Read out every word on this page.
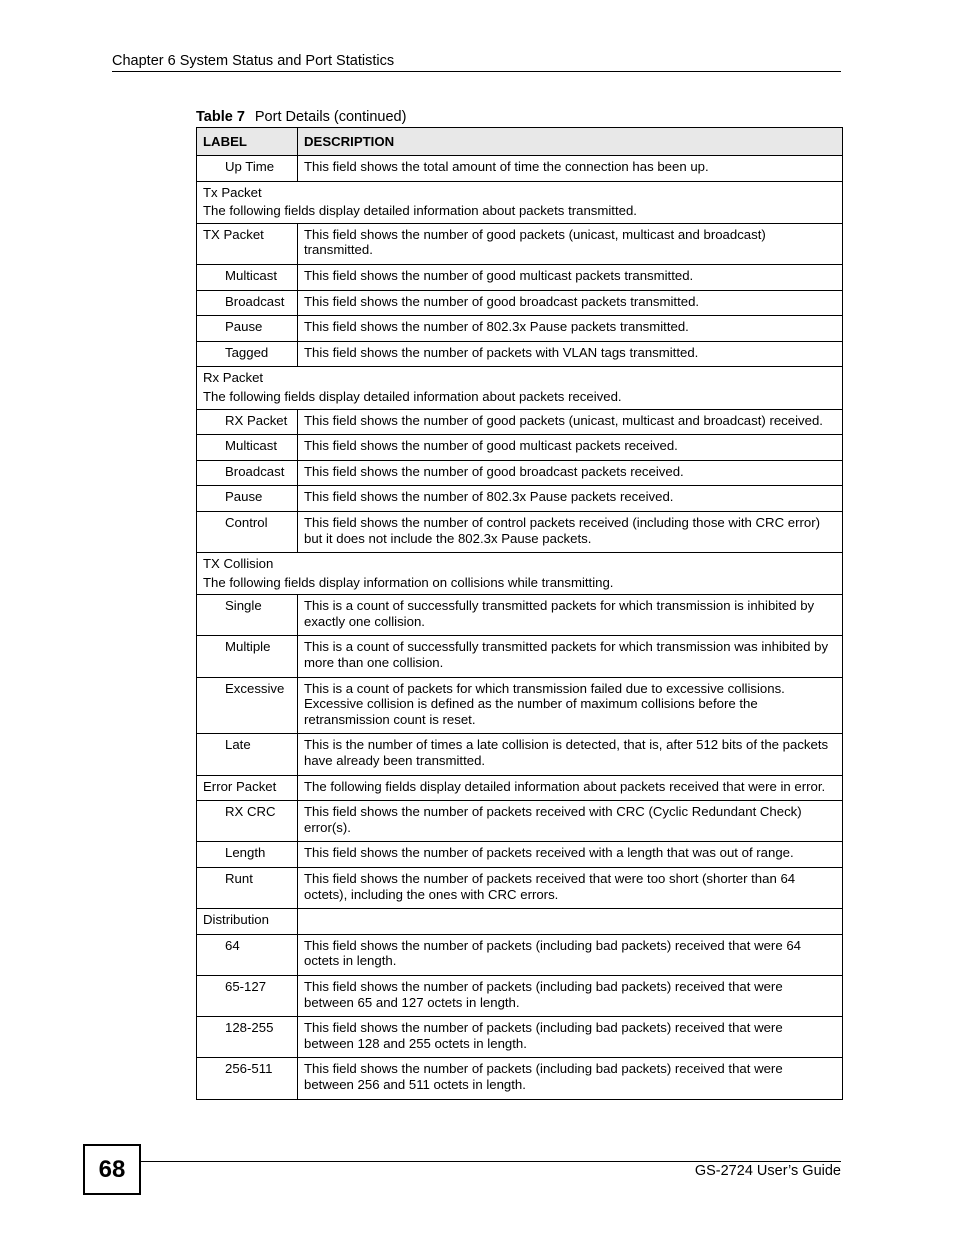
Chapter 6 System Status and Port Statistics
Table 7 Port Details (continued)
LABEL	DESCRIPTION
Up Time	This field shows the total amount of time the connection has been up.

Tx Packet
The following fields display detailed information about packets transmitted.	

TX Packet	This field shows the number of good packets (unicast, multicast and broadcast) transmitted.
Multicast	This field shows the number of good multicast packets transmitted.
Broadcast	This field shows the number of good broadcast packets transmitted.
Pause	This field shows the number of 802.3x Pause packets transmitted.
Tagged	This field shows the number of packets with VLAN tags transmitted.

Rx Packet
The following fields display detailed information about packets received.	

RX Packet	This field shows the number of good packets (unicast, multicast and broadcast) received.
Multicast	This field shows the number of good multicast packets received.
Broadcast	This field shows the number of good broadcast packets received.
Pause	This field shows the number of 802.3x Pause packets received.
Control	This field shows the number of control packets received (including those with CRC error) but it does not include the 802.3x Pause packets.

TX Collision
The following fields display information on collisions while transmitting.	

Single	This is a count of successfully transmitted packets for which transmission is inhibited by exactly one collision.
Multiple	This is a count of successfully transmitted packets for which transmission was inhibited by more than one collision.
Excessive	This is a count of packets for which transmission failed due to excessive collisions. Excessive collision is defined as the number of maximum collisions before the retransmission count is reset.
Late	This is the number of times a late collision is detected, that is, after 512 bits of the packets have already been transmitted.
Error Packet	The following fields display detailed information about packets received that were in error.
RX CRC	This field shows the number of packets received with CRC (Cyclic Redundant Check) error(s).
Length	This field shows the number of packets received with a length that was out of range.
Runt	This field shows the number of packets received that were too short (shorter than 64 octets), including the ones with CRC errors.
Distribution	
64	This field shows the number of packets (including bad packets) received that were 64 octets in length.
65-127	This field shows the number of packets (including bad packets) received that were between 65 and 127 octets in length.
128-255	This field shows the number of packets (including bad packets) received that were between 128 and 255 octets in length.
256-511	This field shows the number of packets (including bad packets) received that were between 256 and 511 octets in length.
68	GS-2724 User’s Guide
